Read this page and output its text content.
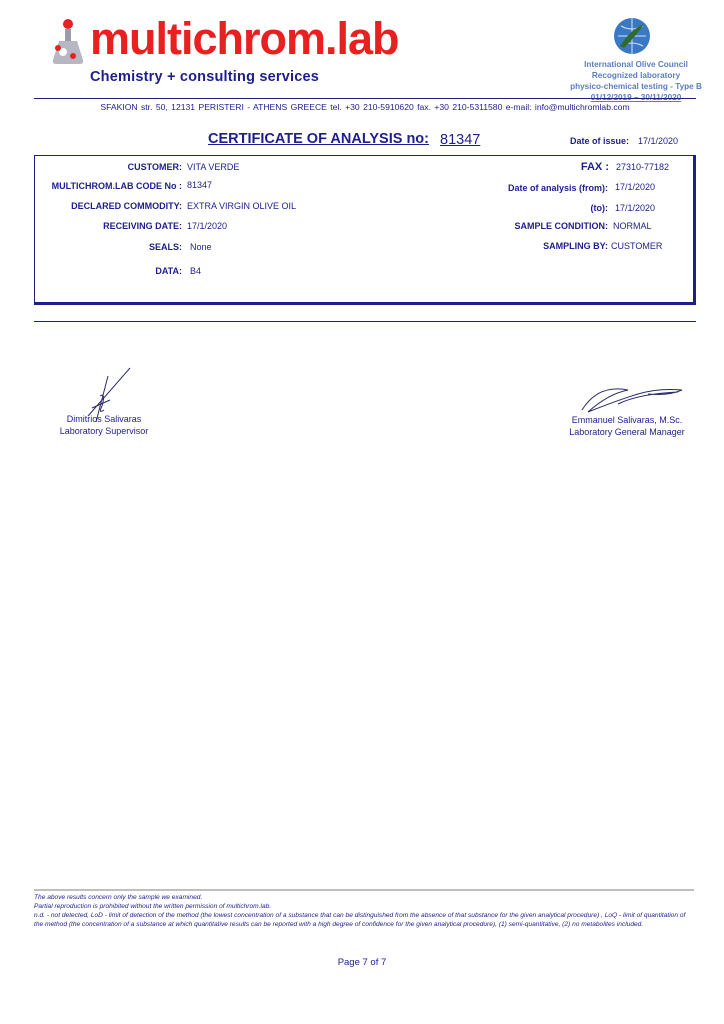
multichrom.lab
Chemistry + consulting services
International Olive Council
Recognized laboratory
physico-chemical testing - Type B
01/12/2019 – 30/11/2020
SFAKION str. 50, 12131 PERISTERI - ATHENS GREECE tel. +30 210-5910620 fax. +30 210-5311580 e-mail: info@multichromlab.com
CERTIFICATE OF ANALYSIS no: 81347	Date of issue: 17/1/2020
CUSTOMER: VITA VERDE
MULTICHROM.LAB CODE No : 81347
DECLARED COMMODITY: EXTRA VIRGIN OLIVE OIL
RECEIVING DATE: 17/1/2020
SEALS: None
DATA: B4
FAX : 27310-77182
Date of analysis (from): 17/1/2020
(to): 17/1/2020
SAMPLE CONDITION: NORMAL
SAMPLING BY: CUSTOMER
Dimitrios Salivaras
Laboratory Supervisor
Emmanuel Salivaras, M.Sc.
Laboratory General Manager
The above results concern only the sample we examined.
Partial reproduction is prohibited without the written permission of multichrom.lab.
n.d. - not detected, LoD - limit of detection of the method (the lowest concentration of a substance that can be distinguished from the absence of that substance for the given analytical procedure) , LoQ - limit of quantitation of the method (the concentration of a substance at which quantitative results can be reported with a high degree of confidence for the given analytical procedure), (1) semi-quantitative, (2) no metabolites included.
Page 7 of 7
